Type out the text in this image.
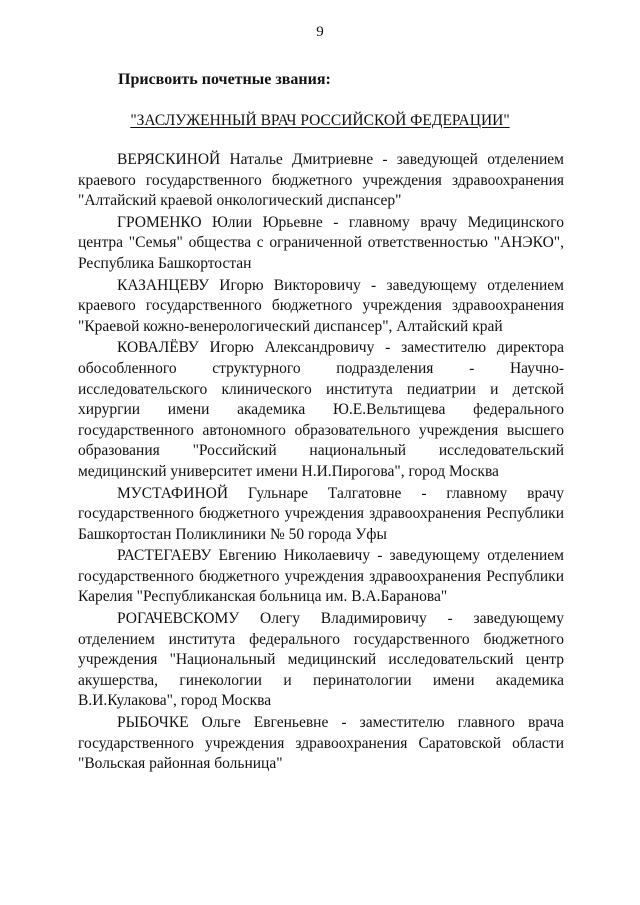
9
Присвоить почетные звания:
"ЗАСЛУЖЕННЫЙ ВРАЧ РОССИЙСКОЙ ФЕДЕРАЦИИ"

ВЕРЯСКИНОЙ Наталье Дмитриевне - заведующей отделением краевого государственного бюджетного учреждения здравоохранения "Алтайский краевой онкологический диспансер"

ГРОМЕНКО Юлии Юрьевне - главному врачу Медицинского центра "Семья" общества с ограниченной ответственностью "АНЭКО", Республика Башкортостан

КАЗАНЦЕВУ Игорю Викторовичу - заведующему отделением краевого государственного бюджетного учреждения здравоохранения "Краевой кожно-венерологический диспансер", Алтайский край

КОВАЛЁВУ Игорю Александровичу - заместителю директора обособленного структурного подразделения - Научно-исследовательского клинического института педиатрии и детской хирургии имени академика Ю.Е.Вельтищева федерального государственного автономного образовательного учреждения высшего образования "Российский национальный исследовательский медицинский университет имени Н.И.Пирогова", город Москва

МУСТАФИНОЙ Гульнаре Талгатовне - главному врачу государственного бюджетного учреждения здравоохранения Республики Башкортостан Поликлиники № 50 города Уфы

РАСТЕГАЕВУ Евгению Николаевичу - заведующему отделением государственного бюджетного учреждения здравоохранения Республики Карелия "Республиканская больница им. В.А.Баранова"

РОГАЧЕВСКОМУ Олегу Владимировичу - заведующему отделением института федерального государственного бюджетного учреждения "Национальный медицинский исследовательский центр акушерства, гинекологии и перинатологии имени академика В.И.Кулакова", город Москва

РЫБОЧКЕ Ольге Евгеньевне - заместителю главного врача государственного учреждения здравоохранения Саратовской области "Вольская районная больница"
